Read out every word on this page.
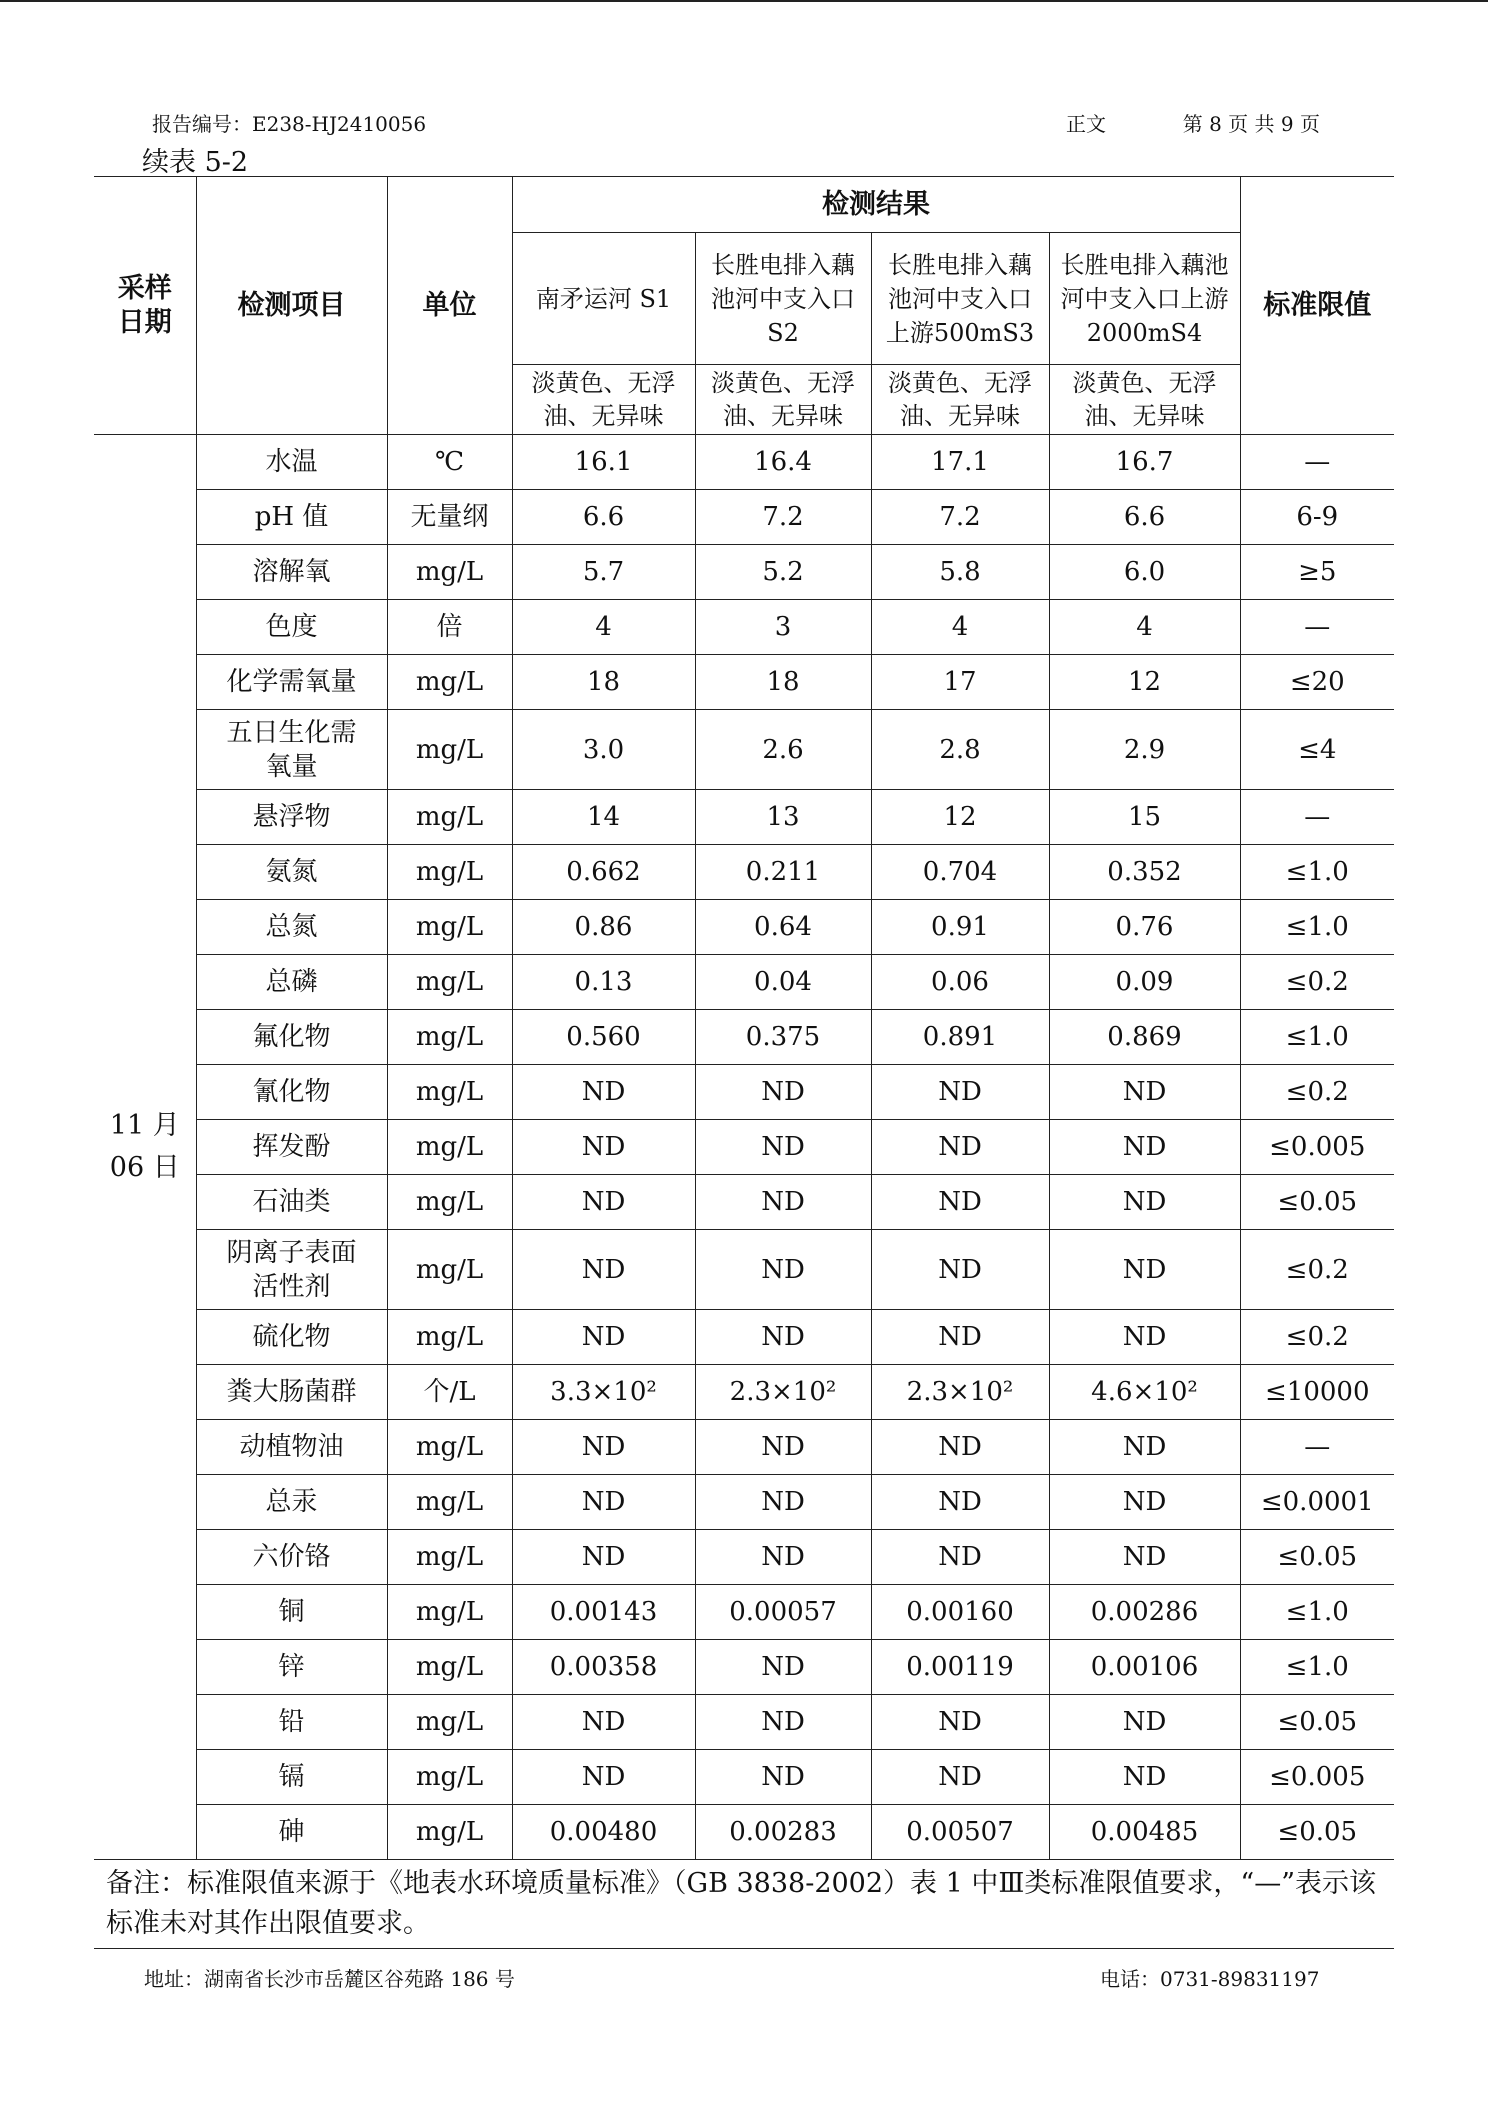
报告编号：E238-HJ2410056	正文	第 8 页 共 9 页
续表 5-2
采样日期	检测项目	单位	检测结果				标准限值
			南矛运河 S1	长胜电排入藕池河中支入口 S2	长胜电排入藕池河中支入口上游500mS3	长胜电排入藕池河中支入口上游 2000mS4	
			淡黄色、无浮油、无异味	淡黄色、无浮油、无异味	淡黄色、无浮油、无异味	淡黄色、无浮油、无异味	
11 月 06 日	水温	℃	16.1	16.4	17.1	16.7	—
	pH 值	无量纲	6.6	7.2	7.2	6.6	6-9
	溶解氧	mg/L	5.7	5.2	5.8	6.0	≥5
	色度	倍	4	3	4	4	—
	化学需氧量	mg/L	18	18	17	12	≤20
	五日生化需氧量	mg/L	3.0	2.6	2.8	2.9	≤4
	悬浮物	mg/L	14	13	12	15	—
	氨氮	mg/L	0.662	0.211	0.704	0.352	≤1.0
	总氮	mg/L	0.86	0.64	0.91	0.76	≤1.0
	总磷	mg/L	0.13	0.04	0.06	0.09	≤0.2
	氟化物	mg/L	0.560	0.375	0.891	0.869	≤1.0
	氰化物	mg/L	ND	ND	ND	ND	≤0.2
	挥发酚	mg/L	ND	ND	ND	ND	≤0.005
	石油类	mg/L	ND	ND	ND	ND	≤0.05
	阴离子表面活性剂	mg/L	ND	ND	ND	ND	≤0.2
	硫化物	mg/L	ND	ND	ND	ND	≤0.2
	粪大肠菌群	个/L	3.3×10²	2.3×10²	2.3×10²	4.6×10²	≤10000
	动植物油	mg/L	ND	ND	ND	ND	—
	总汞	mg/L	ND	ND	ND	ND	≤0.0001
	六价铬	mg/L	ND	ND	ND	ND	≤0.05
	铜	mg/L	0.00143	0.00057	0.00160	0.00286	≤1.0
	锌	mg/L	0.00358	ND	0.00119	0.00106	≤1.0
	铅	mg/L	ND	ND	ND	ND	≤0.05
	镉	mg/L	ND	ND	ND	ND	≤0.005
	砷	mg/L	0.00480	0.00283	0.00507	0.00485	≤0.05
备注：标准限值来源于《地表水环境质量标准》（GB 3838-2002）表 1 中Ⅲ类标准限值要求，“—”表示该标准未对其作出限值要求。							
地址：湖南省长沙市岳麓区谷苑路 186 号	电话：0731-89831197
